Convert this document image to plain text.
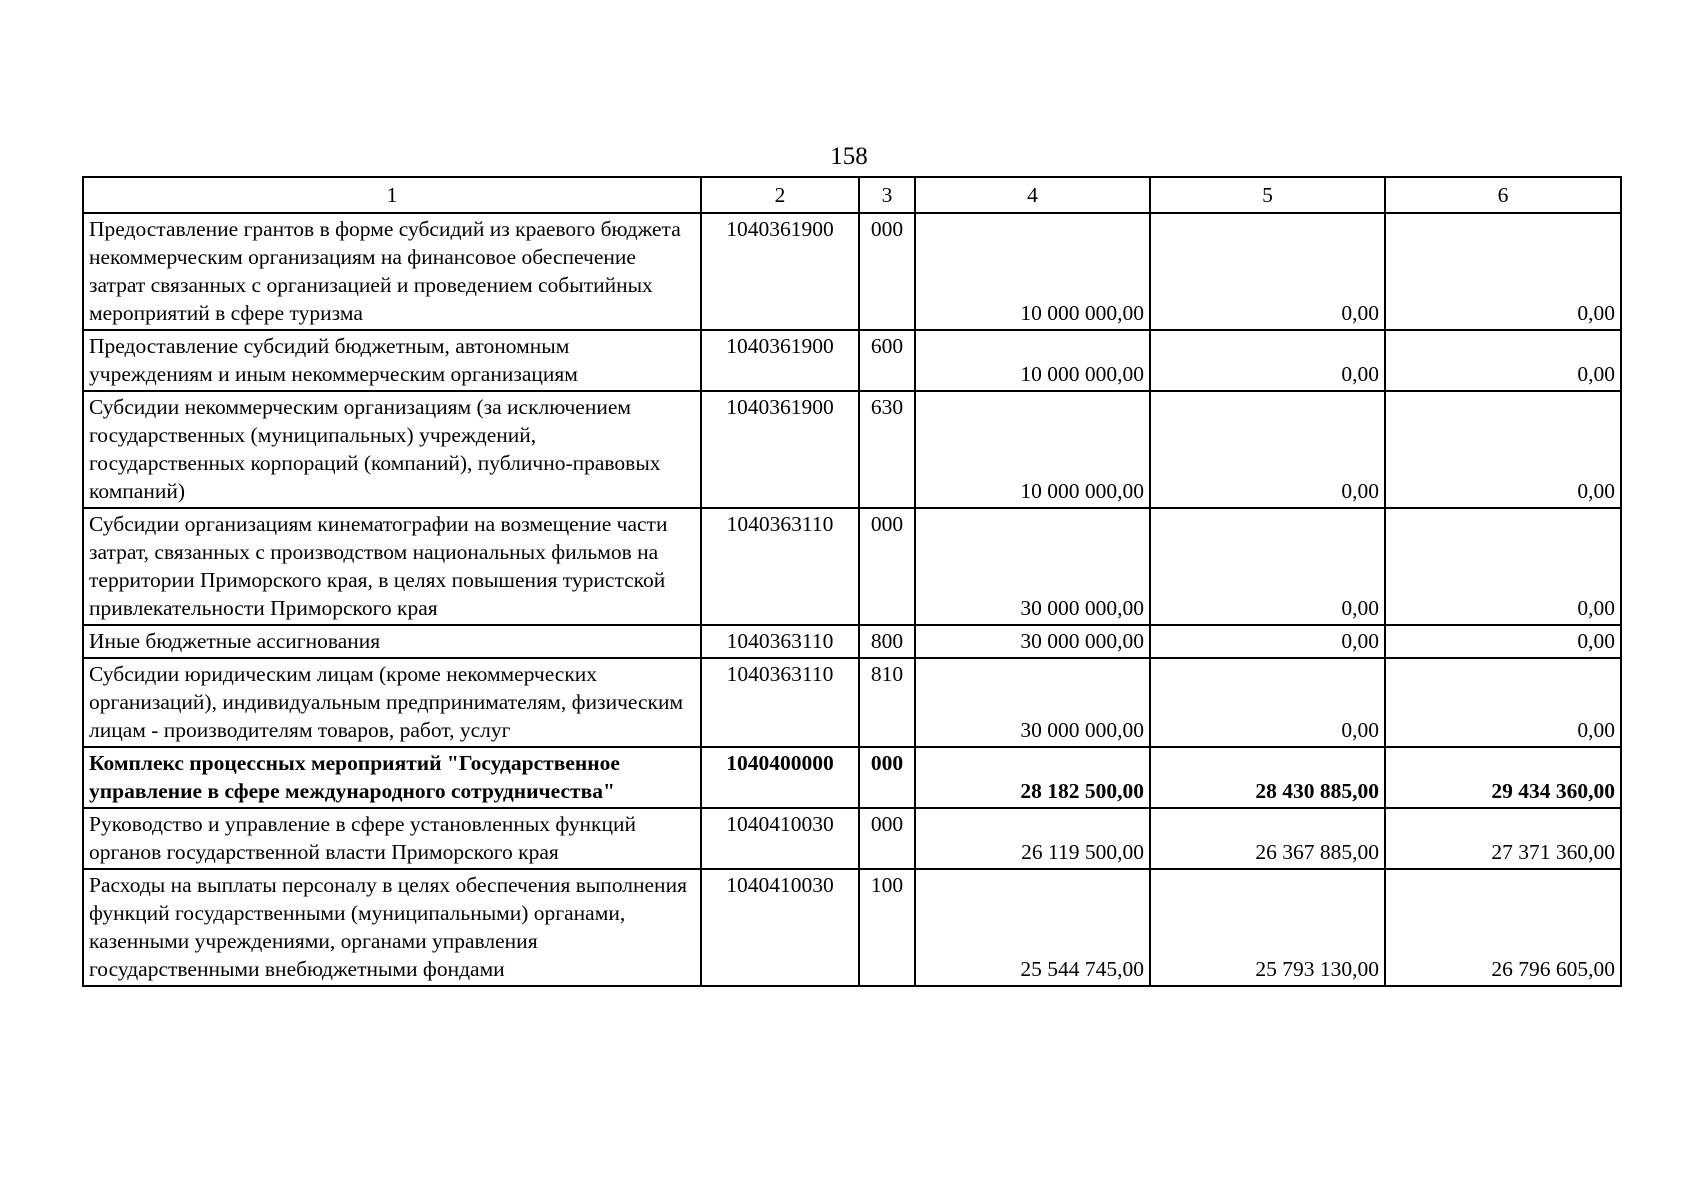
158
1	2	3	4	5	6
Предоставление грантов в форме субсидий из краевого бюджета некоммерческим организациям на финансовое обеспечение затрат связанных с организацией и проведением событийных мероприятий в сфере туризма	1040361900	000	10 000 000,00	0,00	0,00
Предоставление субсидий бюджетным, автономным учреждениям и иным некоммерческим организациям	1040361900	600	10 000 000,00	0,00	0,00
Субсидии некоммерческим организациям (за исключением государственных (муниципальных) учреждений, государственных корпораций (компаний), публично-правовых компаний)	1040361900	630	10 000 000,00	0,00	0,00
Субсидии организациям кинематографии на возмещение части затрат, связанных с производством национальных фильмов на территории Приморского края, в целях повышения туристской привлекательности Приморского края	1040363110	000	30 000 000,00	0,00	0,00
Иные бюджетные ассигнования	1040363110	800	30 000 000,00	0,00	0,00
Субсидии юридическим лицам (кроме некоммерческих организаций), индивидуальным предпринимателям, физическим лицам - производителям товаров, работ, услуг	1040363110	810	30 000 000,00	0,00	0,00
Комплекс процессных мероприятий "Государственное управление в сфере международного сотрудничества"	1040400000	000	28 182 500,00	28 430 885,00	29 434 360,00
Руководство и управление в сфере установленных функций органов государственной власти Приморского края	1040410030	000	26 119 500,00	26 367 885,00	27 371 360,00
Расходы на выплаты персоналу в целях обеспечения выполнения функций государственными (муниципальными) органами, казенными учреждениями, органами управления государственными внебюджетными фондами	1040410030	100	25 544 745,00	25 793 130,00	26 796 605,00
